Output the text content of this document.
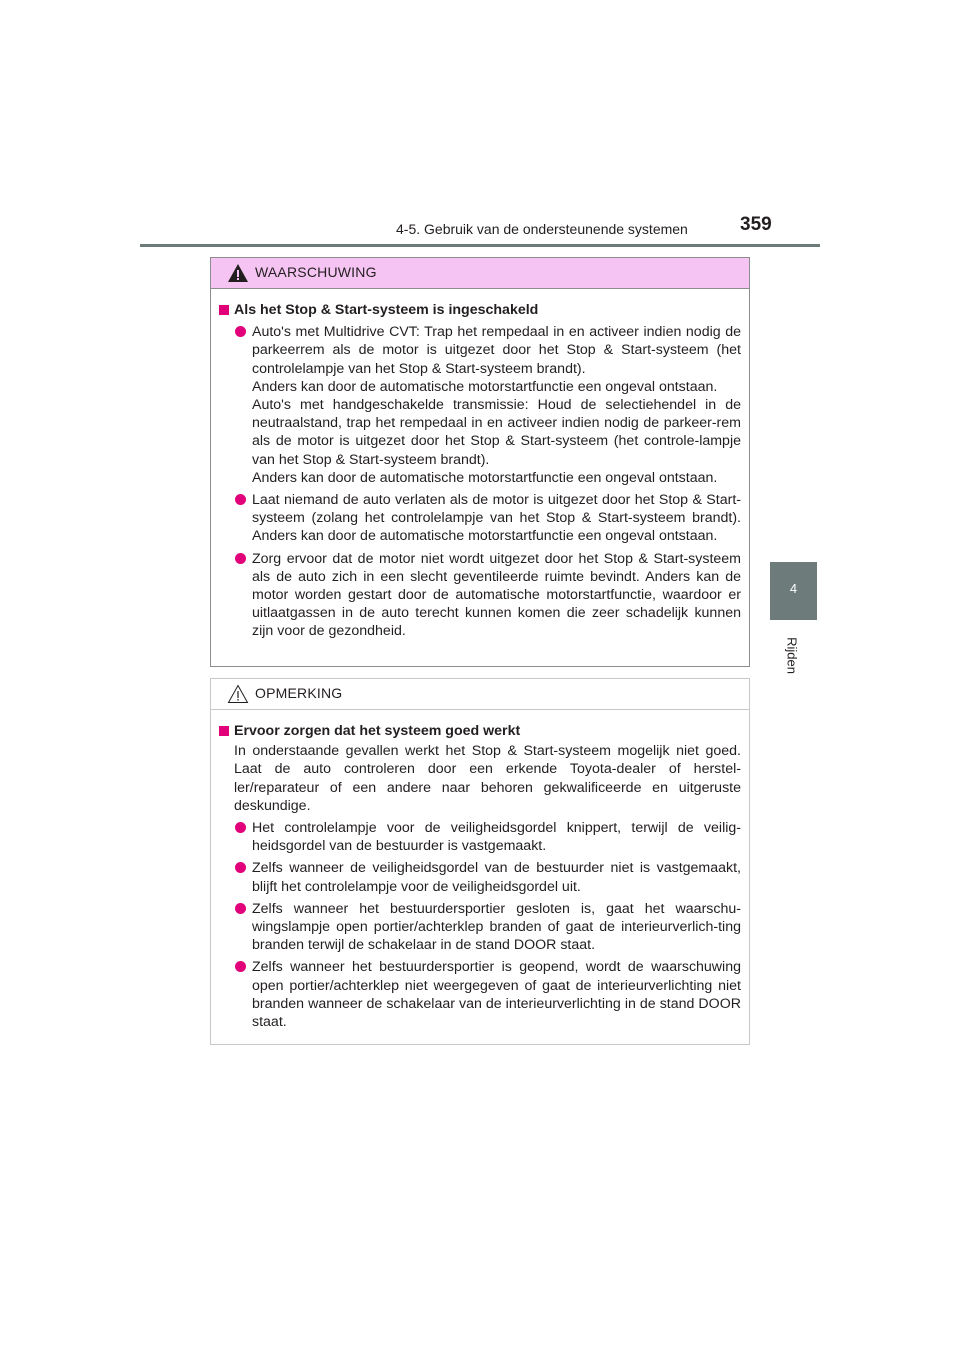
4-5. Gebruik van de ondersteunende systemen	359
4
Rijden
WAARSCHUWING
Als het Stop & Start-systeem is ingeschakeld
Auto's met Multidrive CVT: Trap het rempedaal in en activeer indien nodig de parkeerrem als de motor is uitgezet door het Stop & Start-systeem (het controlelampje van het Stop & Start-systeem brandt).
Anders kan door de automatische motorstartfunctie een ongeval ontstaan.
Auto's met handgeschakelde transmissie: Houd de selectiehendel in de neutraalstand, trap het rempedaal in en activeer indien nodig de parkeer-rem als de motor is uitgezet door het Stop & Start-systeem (het controle-lampje van het Stop & Start-systeem brandt).
Anders kan door de automatische motorstartfunctie een ongeval ontstaan.
Laat niemand de auto verlaten als de motor is uitgezet door het Stop & Start-systeem (zolang het controlelampje van het Stop & Start-systeem brandt). Anders kan door de automatische motorstartfunctie een ongeval ontstaan.
Zorg ervoor dat de motor niet wordt uitgezet door het Stop & Start-systeem als de auto zich in een slecht geventileerde ruimte bevindt. Anders kan de motor worden gestart door de automatische motorstartfunctie, waardoor er uitlaatgassen in de auto terecht kunnen komen die zeer schadelijk kunnen zijn voor de gezondheid.
OPMERKING
Ervoor zorgen dat het systeem goed werkt
In onderstaande gevallen werkt het Stop & Start-systeem mogelijk niet goed. Laat de auto controleren door een erkende Toyota-dealer of herstel-ler/reparateur of een andere naar behoren gekwalificeerde en uitgeruste deskundige.
Het controlelampje voor de veiligheidsgordel knippert, terwijl de veilig-heidsgordel van de bestuurder is vastgemaakt.
Zelfs wanneer de veiligheidsgordel van de bestuurder niet is vastgemaakt, blijft het controlelampje voor de veiligheidsgordel uit.
Zelfs wanneer het bestuurdersportier gesloten is, gaat het waarschu-wingslampje open portier/achterklep branden of gaat de interieurverlich-ting branden terwijl de schakelaar in de stand DOOR staat.
Zelfs wanneer het bestuurdersportier is geopend, wordt de waarschuwing open portier/achterklep niet weergegeven of gaat de interieurverlichting niet branden wanneer de schakelaar van de interieurverlichting in de stand DOOR staat.
